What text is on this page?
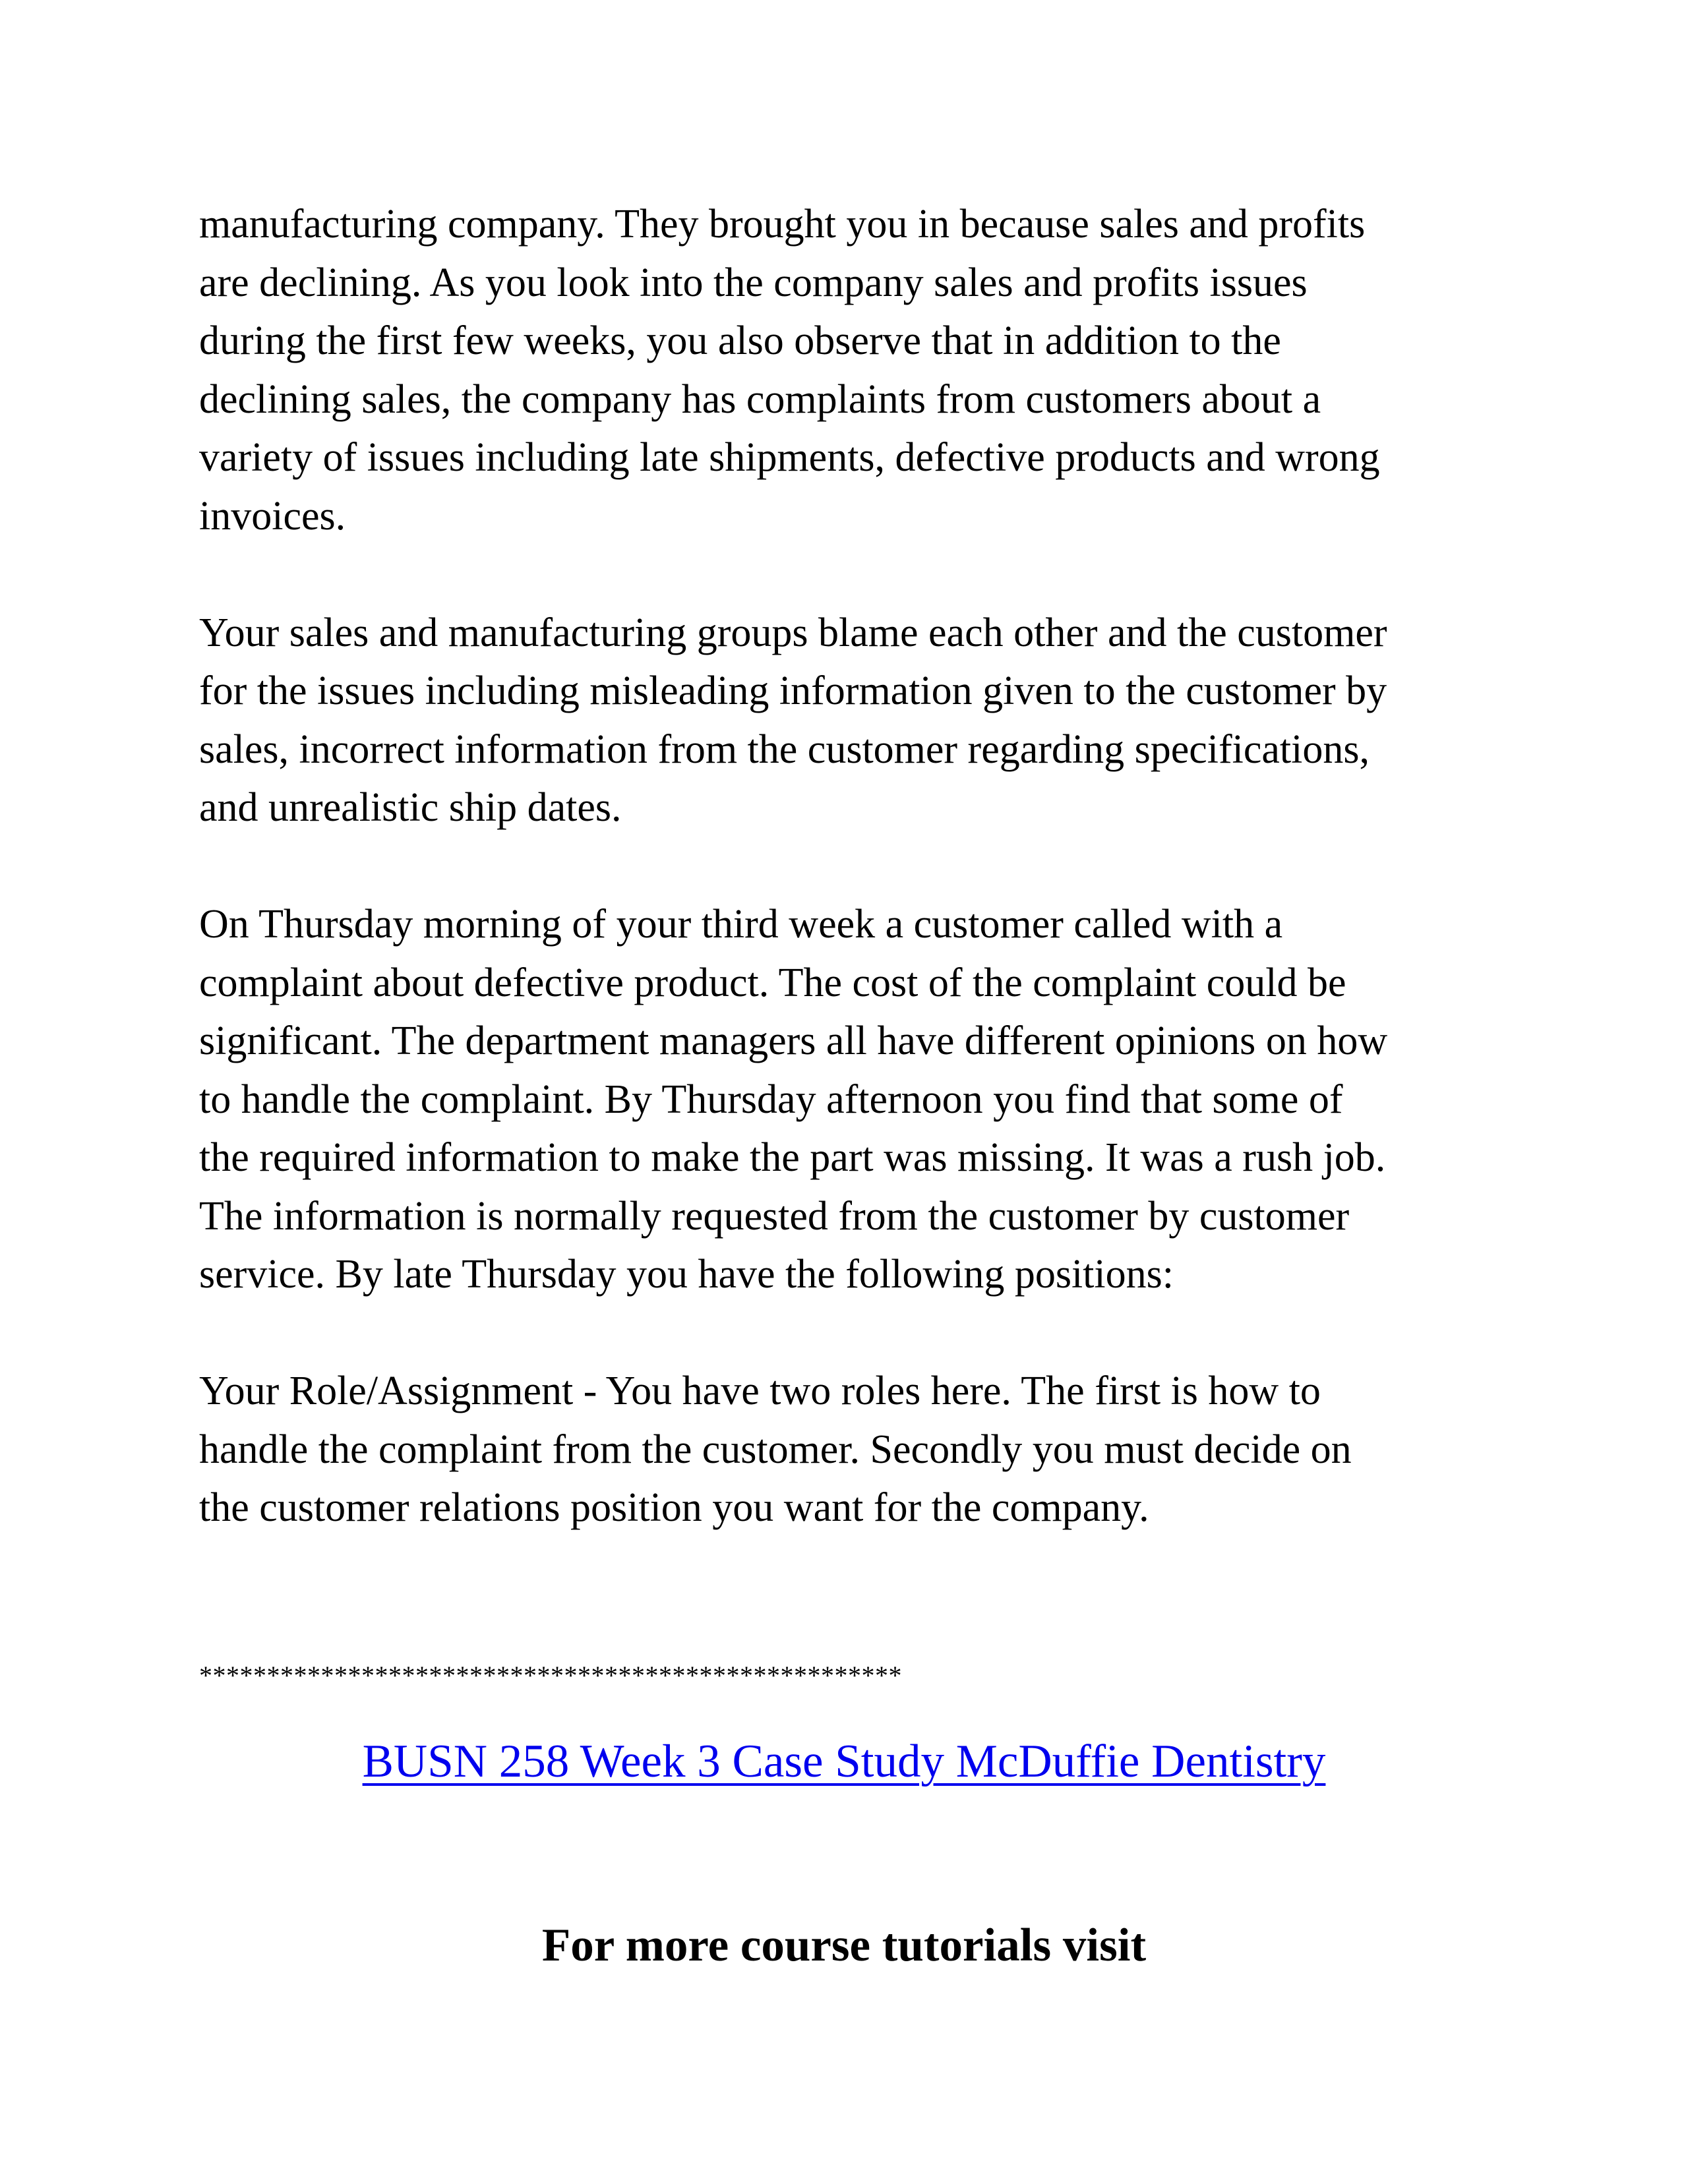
manufacturing company. They brought you in because sales and profits
are declining. As you look into the company sales and profits issues
during the first few weeks, you also observe that in addition to the
declining sales, the company has complaints from customers about a
variety of issues including late shipments, defective products and wrong
invoices.
Your sales and manufacturing groups blame each other and the customer
for the issues including misleading information given to the customer by
sales, incorrect information from the customer regarding specifications,
and unrealistic ship dates.
On Thursday morning of your third week a customer called with a
complaint about defective product. The cost of the complaint could be
significant. The department managers all have different opinions on how
to handle the complaint. By Thursday afternoon you find that some of
the required information to make the part was missing. It was a rush job.
The information is normally requested from the customer by customer
service. By late Thursday you have the following positions:
Your Role/Assignment - You have two roles here. The first is how to
handle the complaint from the customer. Secondly you must decide on
the customer relations position you want for the company.
****************************************************
BUSN 258 Week 3 Case Study McDuffie Dentistry
For more course tutorials visit
